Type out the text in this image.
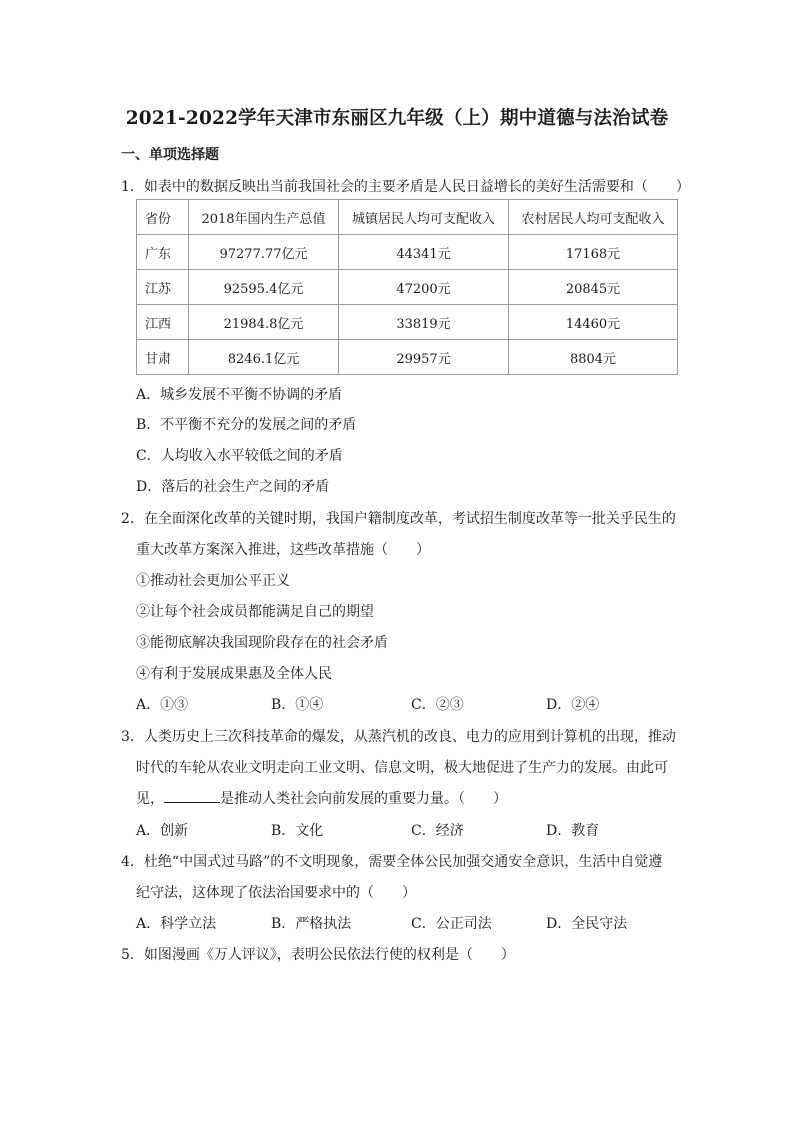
2021-2022学年天津市东丽区九年级（上）期中道德与法治试卷
一、单项选择题
1．如表中的数据反映出当前我国社会的主要矛盾是人民日益增长的美好生活需要和（　　）
省份	2018年国内生产总值	城镇居民人均可支配收入	农村居民人均可支配收入
广东	97277.77亿元	44341元	17168元
江苏	92595.4亿元	47200元	20845元
江西	21984.8亿元	33819元	14460元
甘肃	8246.1亿元	29957元	8804元
A．城乡发展不平衡不协调的矛盾
B．不平衡不充分的发展之间的矛盾
C．人均收入水平较低之间的矛盾
D．落后的社会生产之间的矛盾
2．在全面深化改革的关键时期，我国户籍制度改革，考试招生制度改革等一批关乎民生的
重大改革方案深入推进，这些改革措施（　　）
①推动社会更加公平正义
②让每个社会成员都能满足自己的期望
③能彻底解决我国现阶段存在的社会矛盾
④有利于发展成果惠及全体人民
A．①③	B．①④	C．②③	D．②④
3．人类历史上三次科技革命的爆发，从蒸汽机的改良、电力的应用到计算机的出现，推动
时代的车轮从农业文明走向工业文明、信息文明，极大地促进了生产力的发展。由此可
见，	是推动人类社会向前发展的重要力量。（　　）
A．创新	B．文化	C．经济	D．教育
4．杜绝“中国式过马路”的不文明现象，需要全体公民加强交通安全意识，生活中自觉遵
纪守法，这体现了依法治国要求中的（　　）
A．科学立法	B．严格执法	C．公正司法	D．全民守法
5．如图漫画《万人评议》，表明公民依法行使的权利是（　　）
